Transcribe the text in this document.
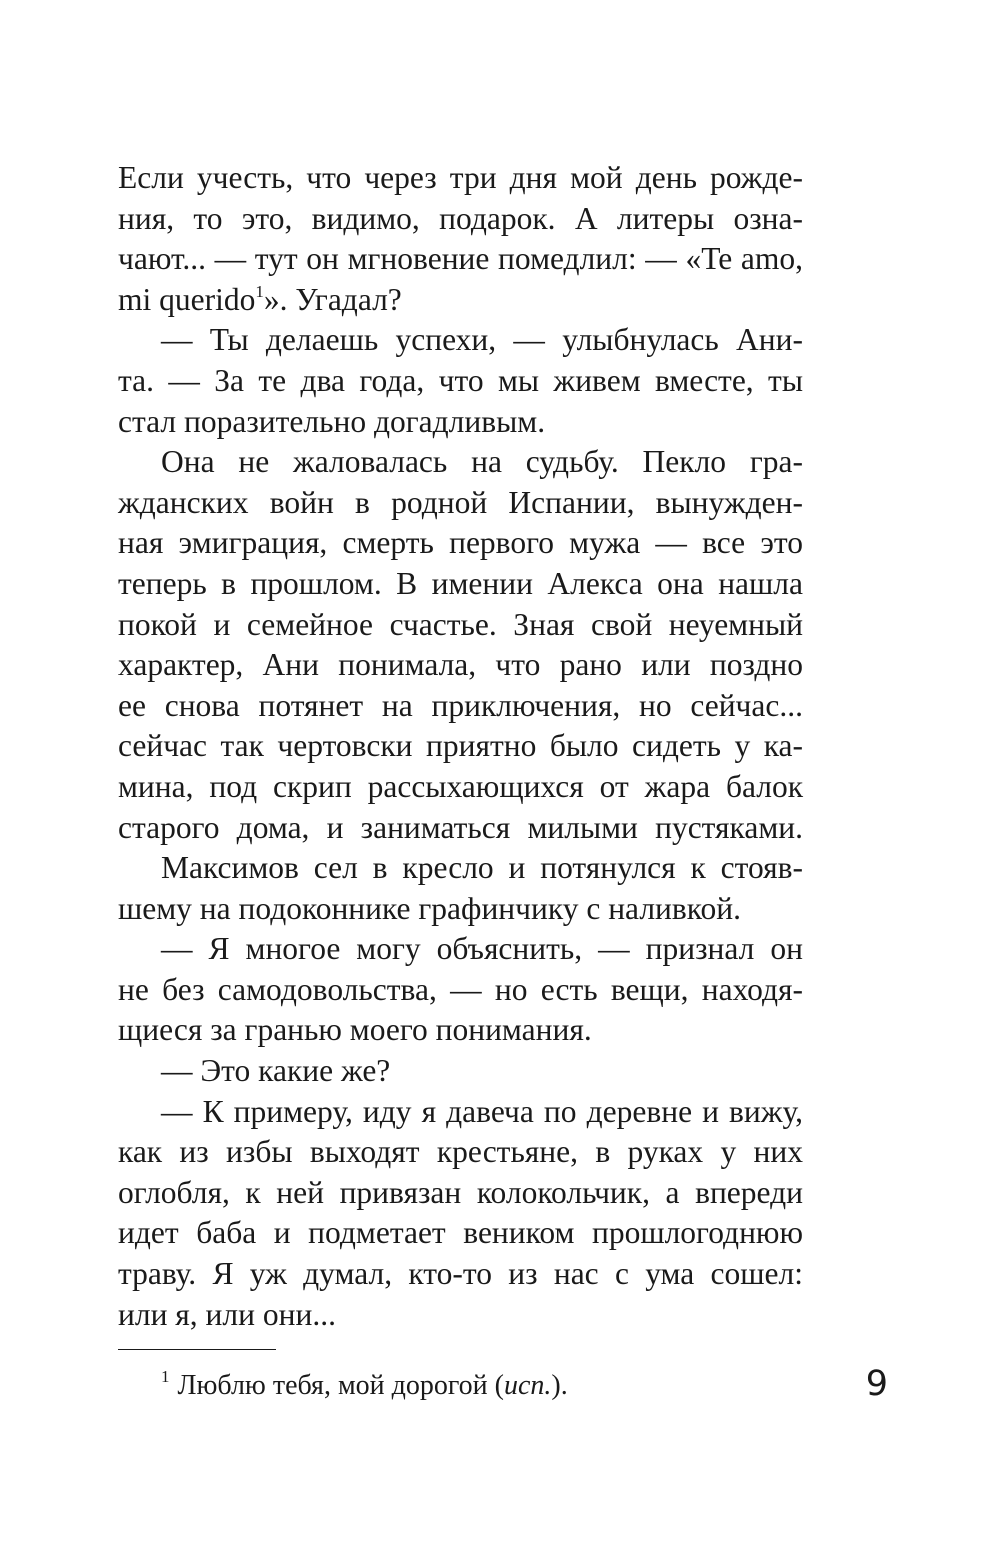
Если учесть, что через три дня мой день рожде-
ния, то это, видимо, подарок. А литеры озна-
чают... — тут он мгновение помедлил: — «Te amo,
mi querido$^1$». Угадал?
— Ты делаешь успехи, — улыбнулась Ани-
та. — За те два года, что мы живем вместе, ты
стал поразительно догадливым.
Она не жаловалась на судьбу. Пекло гра-
жданских войн в родной Испании, вынужден-
ная эмиграция, смерть первого мужа — все это
теперь в прошлом. В имении Алекса она нашла
покой и семейное счастье. Зная свой неуемный
характер, Ани понимала, что рано или поздно
ее снова потянет на приключения, но сейчас...
сейчас так чертовски приятно было сидеть у ка-
мина, под скрип рассыхающихся от жара балок
старого дома, и заниматься милыми пустяками.
Максимов сел в кресло и потянулся к стояв-
шему на подоконнике графинчику с наливкой.
— Я многое могу объяснить, — признал он
не без самодовольства, — но есть вещи, находя-
щиеся за гранью моего понимания.
— Это какие же?
— К примеру, иду я давеча по деревне и вижу,
как из избы выходят крестьяне, в руках у них
оглобля, к ней привязан колокольчик, а впереди
идет баба и подметает веником прошлогоднюю
траву. Я уж думал, кто-то из нас с ума сошел:
или я, или они...
$^1$ Люблю тебя, мой дорогой (исп.).	9
